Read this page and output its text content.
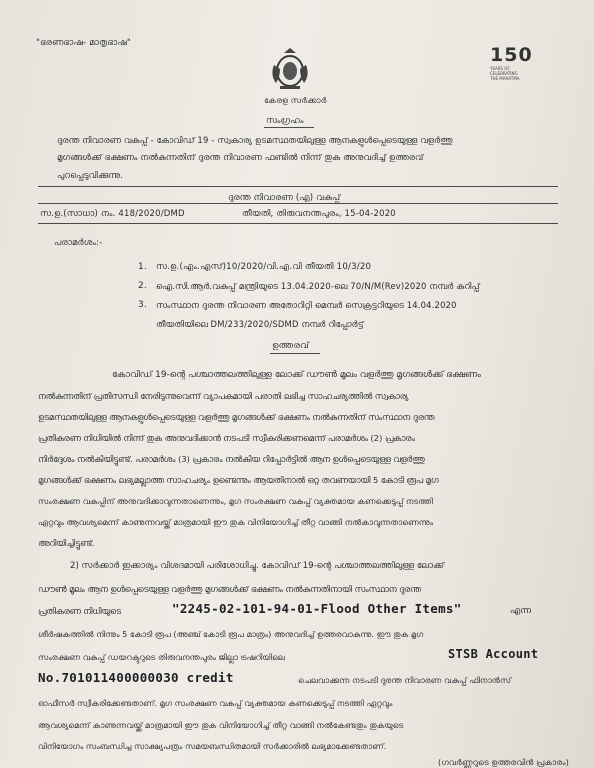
"ഭരണഭാഷ- മാതൃഭാഷ"
കേരള സർക്കാർ
150
YEARS OF CELEBRATING THE MAHATMA
സംഗ്രഹം
ദുരന്ത നിവാരണ വകുപ്പ് - കോവിഡ് 19 - സ്വകാര്യ ഉടമസ്ഥതയിലുള്ള ആനകളുൾപ്പെടെയുള്ള വളർത്തു
മൃഗങ്ങൾക്ക് ഭക്ഷണം നൽകുന്നതിന് ദുരന്ത നിവാരണ ഫണ്ടിൽ നിന്ന് തുക അനുവദിച്ച് ഉത്തരവ്
പുറപ്പെടുവിക്കുന്നു.
ദുരന്ത നിവാരണ (എ) വകുപ്പ്
സ.ഉ.(സാധാ) നം. 418/2020/DMD	തീയതി, തിരുവനന്തപുരം, 15-04-2020
പരാമർശം:-
1. സ.ഉ.(എം.എസ്)10/2020/വി.എ.വി തീയതി 10/3/20
2. ഐ.സി.ആർ.വകുപ്പ് മന്ത്രിയുടെ 13.04.2020-ലെ 70/N/M(Rev)2020 നമ്പർ കുറിപ്പ്
3. സംസ്ഥാന ദുരന്ത നിവാരണ അതോറിറ്റി മെമ്പർ സെക്രട്ടറിയുടെ 14.04.2020
തീയതിയിലെ DM/233/2020/SDMD നമ്പർ റിപ്പോർട്ട്
ഉത്തരവ്
കോവിഡ് 19-ന്റെ പശ്ചാത്തലത്തിലുള്ള ലോക്ക് ഡൗൺ മൂലം വളർത്തു മൃഗങ്ങൾക്ക് ഭക്ഷണം
നൽകുന്നതിന് പ്രതിസന്ധി നേരിടുന്നുവെന്ന് വ്യാപകമായി പരാതി ലഭിച്ച സാഹചര്യത്തിൽ സ്വകാര്യ
ഉടമസ്ഥതയിലുള്ള ആനകളുൾപ്പെടെയുള്ള വളർത്തു മൃഗങ്ങൾക്ക് ഭക്ഷണം നൽകുന്നതിന് സംസ്ഥാന ദുരന്ത
പ്രതികരണ നിധിയിൽ നിന്ന് തുക അനുവദിക്കാൻ നടപടി സ്വീകരിക്കണമെന്ന് പരാമർശം (2) പ്രകാരം
നിർദ്ദേശം നൽകിയിട്ടുണ്ട്. പരാമർശം (3) പ്രകാരം നൽകിയ റിപ്പോർട്ടിൽ ആന ഉൾപ്പെടെയുള്ള വളർത്തു
മൃഗങ്ങൾക്ക് ഭക്ഷണം ലഭ്യമല്ലാത്ത സാഹചര്യം ഉണ്ടെന്നും ആയതിനാൽ ഒറ്റ തവണയായി 5 കോടി രൂപ മൃഗ
സംരക്ഷണ വകുപ്പിന് അനുവദിക്കാവുന്നതാണെന്നും, മൃഗ സംരക്ഷണ വകുപ്പ് വ്യക്തമായ കണക്കെടുപ്പ് നടത്തി
ഏറ്റവും ആവശ്യമെന്ന് കാണുന്നവയ്ക്ക് മാത്രമായി ഈ തുക വിനിയോഗിച്ച് തീറ്റ വാങ്ങി നൽകാവുന്നതാണെന്നും
അറിയിച്ചിട്ടുണ്ട്.
2) സർക്കാർ ഇക്കാര്യം വിശദമായി പരിശോധിച്ചു. കോവിഡ് 19-ന്റെ പശ്ചാത്തലത്തിലുള്ള ലോക്ക്
ഡൗൺ മൂലം ആന ഉൾപ്പെടെയുള്ള വളർത്തു മൃഗങ്ങൾക്ക് ഭക്ഷണം നൽകുന്നതിനായി സംസ്ഥാന ദുരന്ത
പ്രതികരണ നിധിയുടെ	"2245-02-101-94-01-Flood Other Items"	എന്ന
ശീർഷകത്തിൽ നിന്നും 5 കോടി രൂപ (അഞ്ച് കോടി രൂപ മാത്രം) അനുവദിച്ച് ഉത്തരവാകുന്നു. ഈ തുക മൃഗ
സംരക്ഷണ വകുപ്പ് ഡയറക്ടറുടെ തിരുവനന്തപുരം ജില്ലാ ട്രഷറിയിലെ	STSB Account
No.701011400000030 credit	ചെലവാക്കുന്ന നടപടി ദുരന്ത നിവാരണ വകുപ്പ് ഫിനാൻസ്
ഓഫീസർ സ്വീകരിക്കേണ്ടതാണ്. മൃഗ സംരക്ഷണ വകുപ്പ് വ്യക്തമായ കണക്കെടുപ്പ് നടത്തി ഏറ്റവും
ആവശ്യമെന്ന് കാണുന്നവയ്ക്ക് മാത്രമായി ഈ തുക വിനിയോഗിച്ച് തീറ്റ വാങ്ങി നൽകേണ്ടതും തുകയുടെ
വിനിയോഗം സംബന്ധിച്ച സാക്ഷ്യപത്രം സമയബന്ധിതമായി സർക്കാരിൽ ലഭ്യമാക്കേണ്ടതാണ്.
(ഗവർണ്ണറുടെ ഉത്തരവിൻ പ്രകാരം)
